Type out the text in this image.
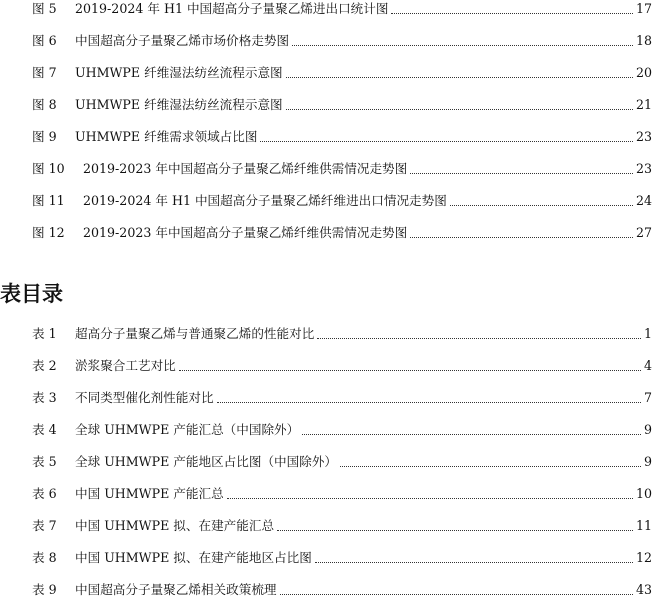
图 5 2019-2024 年 H1 中国超高分子量聚乙烯进出口统计图	17
图 6 中国超高分子量聚乙烯市场价格走势图	18
图 7 UHMWPE 纤维湿法纺丝流程示意图	20
图 8 UHMWPE 纤维湿法纺丝流程示意图	21
图 9 UHMWPE 纤维需求领域占比图	23
图 10 2019-2023 年中国超高分子量聚乙烯纤维供需情况走势图	23
图 11 2019-2024 年 H1 中国超高分子量聚乙烯纤维进出口情况走势图	24
图 12 2019-2023 年中国超高分子量聚乙烯纤维供需情况走势图	27
表目录
表 1 超高分子量聚乙烯与普通聚乙烯的性能对比	1
表 2 淤浆聚合工艺对比	4
表 3 不同类型催化剂性能对比	7
表 4 全球 UHMWPE 产能汇总（中国除外）	9
表 5 全球 UHMWPE 产能地区占比图（中国除外）	9
表 6 中国 UHMWPE 产能汇总	10
表 7 中国 UHMWPE 拟、在建产能汇总	11
表 8 中国 UHMWPE 拟、在建产能地区占比图	12
表 9 中国超高分子量聚乙烯相关政策梳理	43
